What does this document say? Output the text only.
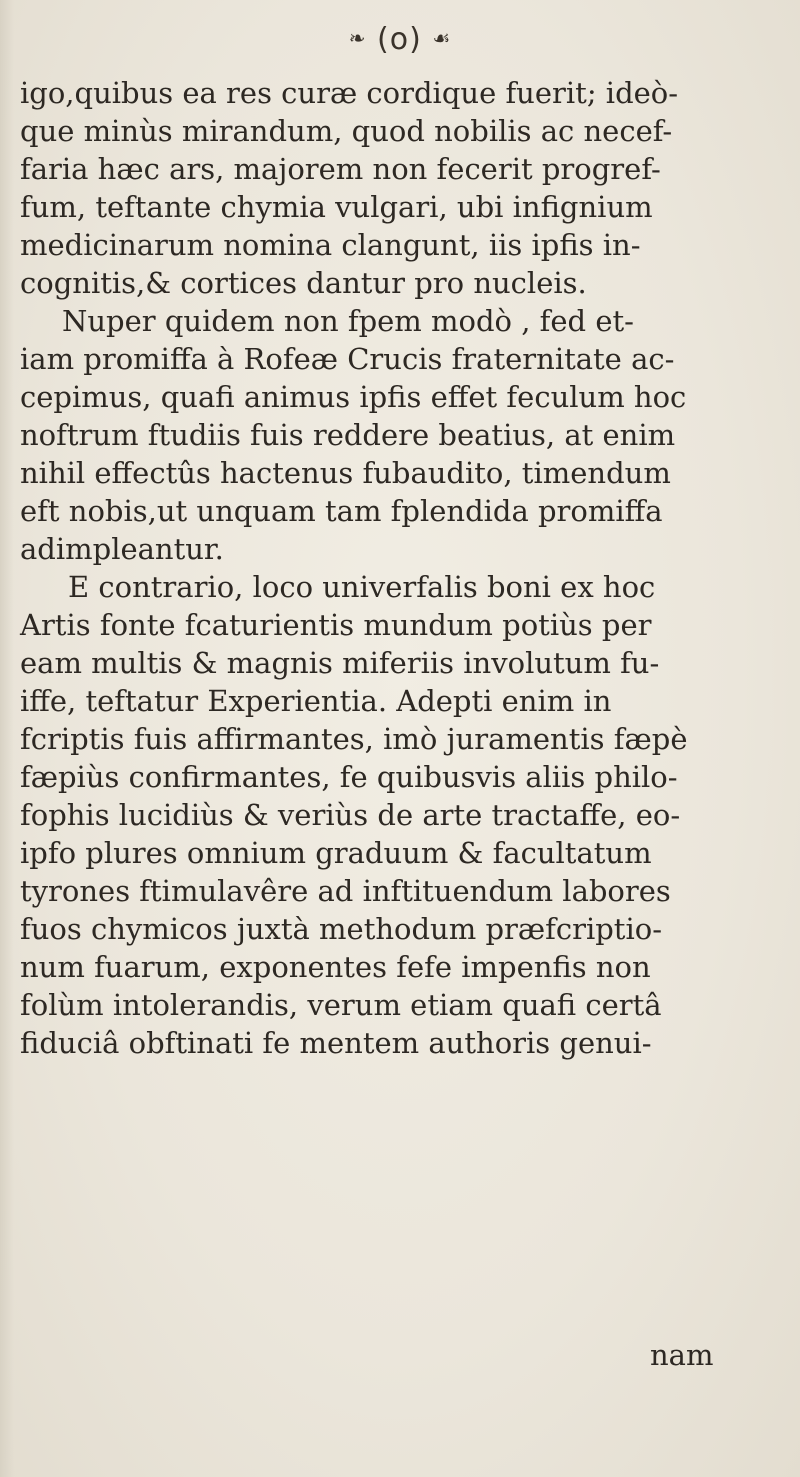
❧ (o) ☙
igo,quibus ea res curæ cordique fuerit; ideò-
que minùs mirandum, quod nobilis ac necef-
faria hæc ars, majorem non fecerit progref-
fum, teftante chymia vulgari, ubi infignium
medicinarum nomina clangunt, iis ipfis in-
cognitis,& cortices dantur pro nucleis.
Nuper quidem non fpem modò , fed et-
iam promiffa à Rofeæ Crucis fraternitate ac-
cepimus, quafi animus ipfis effet feculum hoc
noftrum ftudiis fuis reddere beatius, at enim
nihil effectûs hactenus fubaudito, timendum
eft nobis,ut unquam tam fplendida promiffa
adimpleantur.
E contrario, loco univerfalis boni ex hoc
Artis fonte fcaturientis mundum potiùs per
eam multis & magnis miferiis involutum fu-
iffe, teftatur Experientia. Adepti enim in
fcriptis fuis affirmantes, imò juramentis fæpè
fæpiùs confirmantes, fe quibusvis aliis philo-
fophis lucidiùs & veriùs de arte tractaffe, eo-
ipfo plures omnium graduum & facultatum
tyrones ftimulavêre ad inftituendum labores
fuos chymicos juxtà methodum præfcriptio-
num fuarum, exponentes fefe impenfis non
folùm intolerandis, verum etiam quafi certâ
fiduciâ obftinati fe mentem authoris genui-
nam
